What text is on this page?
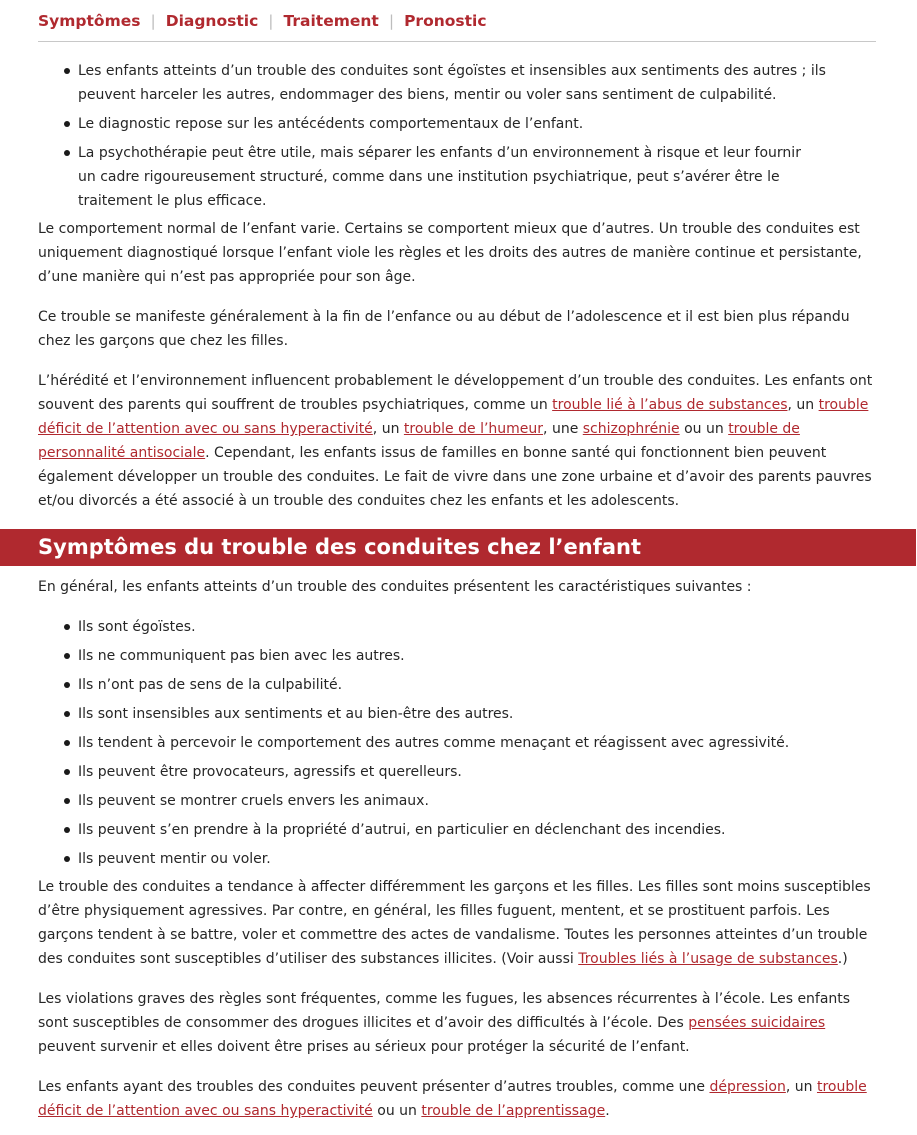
Symptômes | Diagnostic | Traitement | Pronostic
Les enfants atteints d’un trouble des conduites sont égoïstes et insensibles aux sentiments des autres ; ils peuvent harceler les autres, endommager des biens, mentir ou voler sans sentiment de culpabilité.
Le diagnostic repose sur les antécédents comportementaux de l’enfant.
La psychothérapie peut être utile, mais séparer les enfants d’un environnement à risque et leur fournir un cadre rigoureusement structuré, comme dans une institution psychiatrique, peut s’avérer être le traitement le plus efficace.

Le comportement normal de l’enfant varie. Certains se comportent mieux que d’autres. Un trouble des conduites est uniquement diagnostiqué lorsque l’enfant viole les règles et les droits des autres de manière continue et persistante, d’une manière qui n’est pas appropriée pour son âge.

Ce trouble se manifeste généralement à la fin de l’enfance ou au début de l’adolescence et il est bien plus répandu chez les garçons que chez les filles.

L’hérédité et l’environnement influencent probablement le développement d’un trouble des conduites. Les enfants ont souvent des parents qui souffrent de troubles psychiatriques, comme un trouble lié à l’abus de substances, un trouble déficit de l’attention avec ou sans hyperactivité, un trouble de l’humeur, une schizophrénie ou un trouble de personnalité antisociale. Cependant, les enfants issus de familles en bonne santé qui fonctionnent bien peuvent également développer un trouble des conduites. Le fait de vivre dans une zone urbaine et d’avoir des parents pauvres et/ou divorcés a été associé à un trouble des conduites chez les enfants et les adolescents.

Symptômes du trouble des conduites chez l’enfant

En général, les enfants atteints d’un trouble des conduites présentent les caractéristiques suivantes :

Ils sont égoïstes.
Ils ne communiquent pas bien avec les autres.
Ils n’ont pas de sens de la culpabilité.
Ils sont insensibles aux sentiments et au bien-être des autres.
Ils tendent à percevoir le comportement des autres comme menaçant et réagissent avec agressivité.
Ils peuvent être provocateurs, agressifs et querelleurs.
Ils peuvent se montrer cruels envers les animaux.
Ils peuvent s’en prendre à la propriété d’autrui, en particulier en déclenchant des incendies.
Ils peuvent mentir ou voler.

Le trouble des conduites a tendance à affecter différemment les garçons et les filles. Les filles sont moins susceptibles d’être physiquement agressives. Par contre, en général, les filles fuguent, mentent, et se prostituent parfois. Les garçons tendent à se battre, voler et commettre des actes de vandalisme. Toutes les personnes atteintes d’un trouble des conduites sont susceptibles d’utiliser des substances illicites. (Voir aussi Troubles liés à l’usage de substances.)

Les violations graves des règles sont fréquentes, comme les fugues, les absences récurrentes à l’école. Les enfants sont susceptibles de consommer des drogues illicites et d’avoir des difficultés à l’école. Des pensées suicidaires peuvent survenir et elles doivent être prises au sérieux pour protéger la sécurité de l’enfant.

Les enfants ayant des troubles des conduites peuvent présenter d’autres troubles, comme une dépression, un trouble déficit de l’attention avec ou sans hyperactivité ou un trouble de l’apprentissage.
